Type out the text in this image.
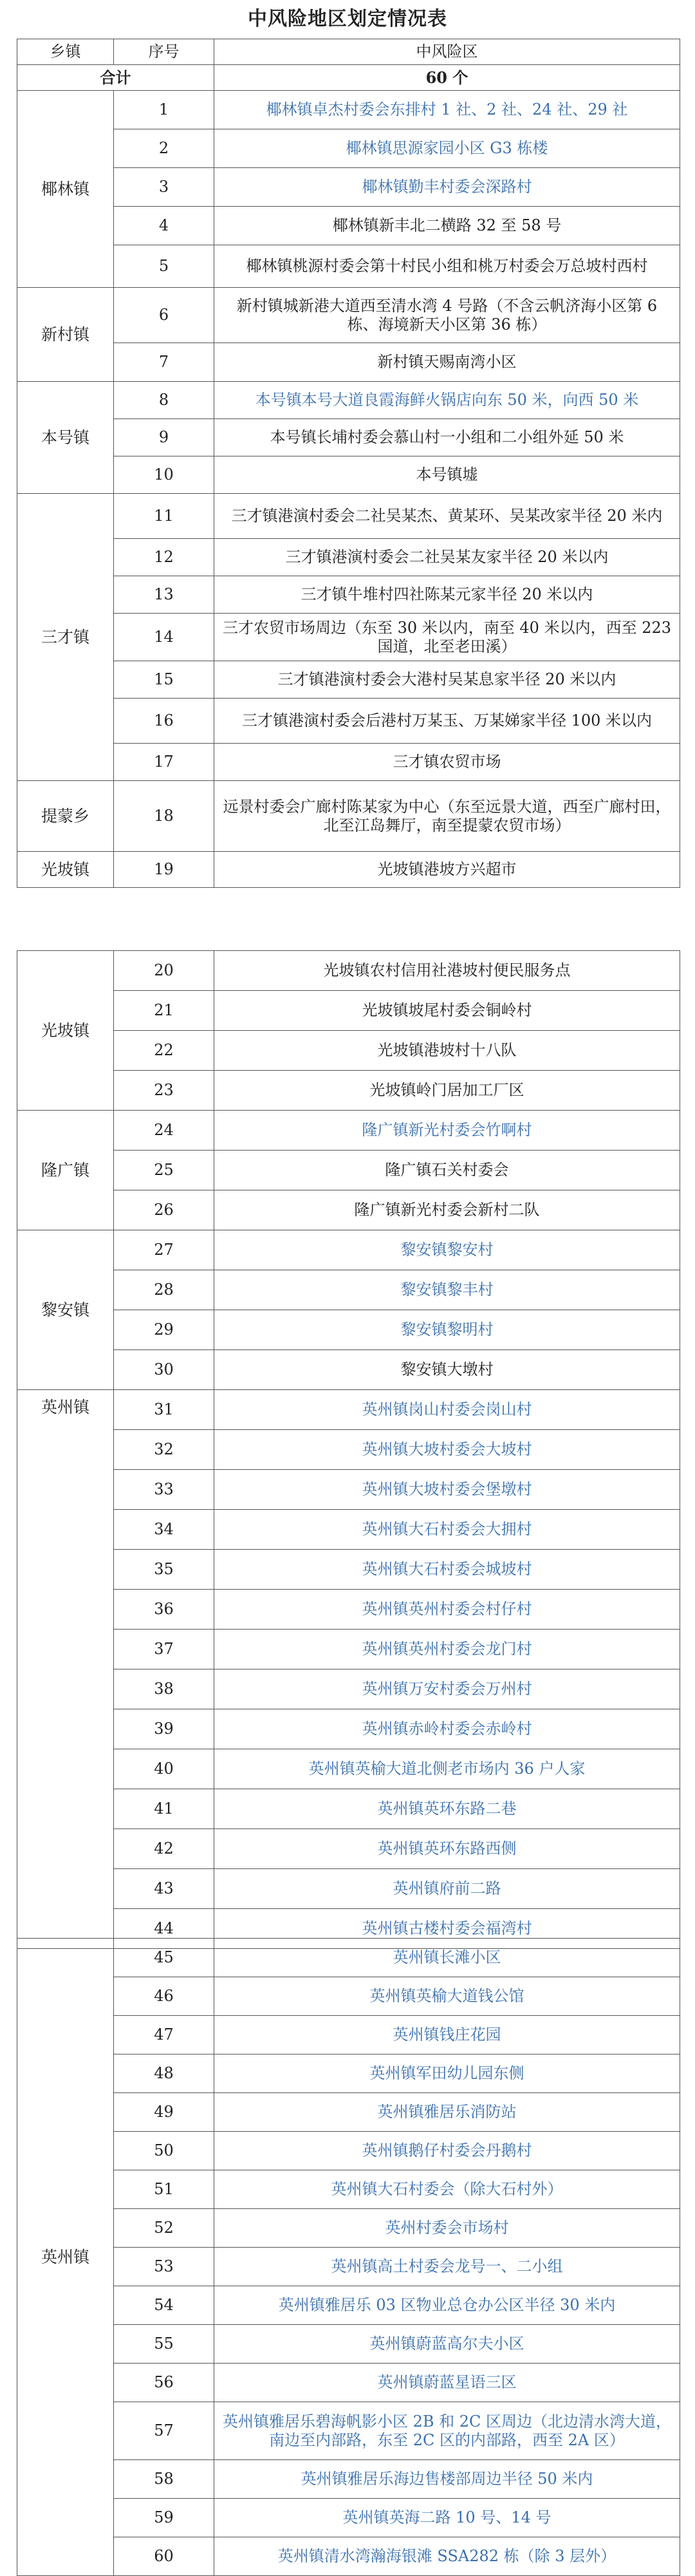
中风险地区划定情况表
乡镇	序号	中风险区
合计		60 个
椰林镇	1	椰林镇卓杰村委会东排村 1 社、2 社、24 社、29 社
	2	椰林镇思源家园小区 G3 栋楼
	3	椰林镇勤丰村委会深路村
	4	椰林镇新丰北二横路 32 至 58 号
	5	椰林镇桃源村委会第十村民小组和桃万村委会万总坡村西村
新村镇	6	新村镇城新港大道西至清水湾 4 号路（不含云帆济海小区第 6 栋、海境新天小区第 36 栋）
	7	新村镇天赐南湾小区
本号镇	8	本号镇本号大道良霞海鲜火锅店向东 50 米，向西 50 米
	9	本号镇长埔村委会慕山村一小组和二小组外延 50 米
	10	本号镇墟
三才镇	11	三才镇港演村委会二社吴某杰、黄某环、吴某改家半径 20 米内
	12	三才镇港演村委会二社吴某友家半径 20 米以内
	13	三才镇牛堆村四社陈某元家半径 20 米以内
	14	三才农贸市场周边（东至 30 米以内，南至 40 米以内，西至 223 国道，北至老田溪）
	15	三才镇港演村委会大港村吴某息家半径 20 米以内
	16	三才镇港演村委会后港村万某玉、万某娣家半径 100 米以内
	17	三才镇农贸市场
提蒙乡	18	远景村委会广廊村陈某家为中心（东至远景大道，西至广廊村田，北至江岛舞厅，南至提蒙农贸市场）
光坡镇	19	光坡镇港坡方兴超市
光坡镇	20	光坡镇农村信用社港坡村便民服务点
	21	光坡镇坡尾村委会铜岭村
	22	光坡镇港坡村十八队
	23	光坡镇岭门居加工厂区
隆广镇	24	隆广镇新光村委会竹啊村
	25	隆广镇石关村委会
	26	隆广镇新光村委会新村二队
黎安镇	27	黎安镇黎安村
	28	黎安镇黎丰村
	29	黎安镇黎明村
	30	黎安镇大墩村
英州镇	31	英州镇岗山村委会岗山村
	32	英州镇大坡村委会大坡村
	33	英州镇大坡村委会堡墩村
	34	英州镇大石村委会大拥村
	35	英州镇大石村委会城坡村
	36	英州镇英州村委会村仔村
	37	英州镇英州村委会龙门村
	38	英州镇万安村委会万州村
	39	英州镇赤岭村委会赤岭村
	40	英州镇英榆大道北侧老市场内 36 户人家
	41	英州镇英环东路二巷
	42	英州镇英环东路西侧
	43	英州镇府前二路
	44	英州镇古楼村委会福湾村
英州镇	45	英州镇长滩小区
	46	英州镇英榆大道钱公馆
	47	英州镇钱庄花园
	48	英州镇军田幼儿园东侧
	49	英州镇雅居乐消防站
	50	英州镇鹅仔村委会丹鹅村
	51	英州镇大石村委会（除大石村外）
	52	英州村委会市场村
	53	英州镇高土村委会龙号一、二小组
	54	英州镇雅居乐 03 区物业总仓办公区半径 30 米内
	55	英州镇蔚蓝高尔夫小区
	56	英州镇蔚蓝星语三区
	57	英州镇雅居乐碧海帆影小区 2B 和 2C 区周边（北边清水湾大道，南边至内部路，东至 2C 区的内部路，西至 2A 区）
	58	英州镇雅居乐海边售楼部周边半径 50 米内
	59	英州镇英海二路 10 号、14 号
	60	英州镇清水湾瀚海银滩 SSA282 栋（除 3 层外）
